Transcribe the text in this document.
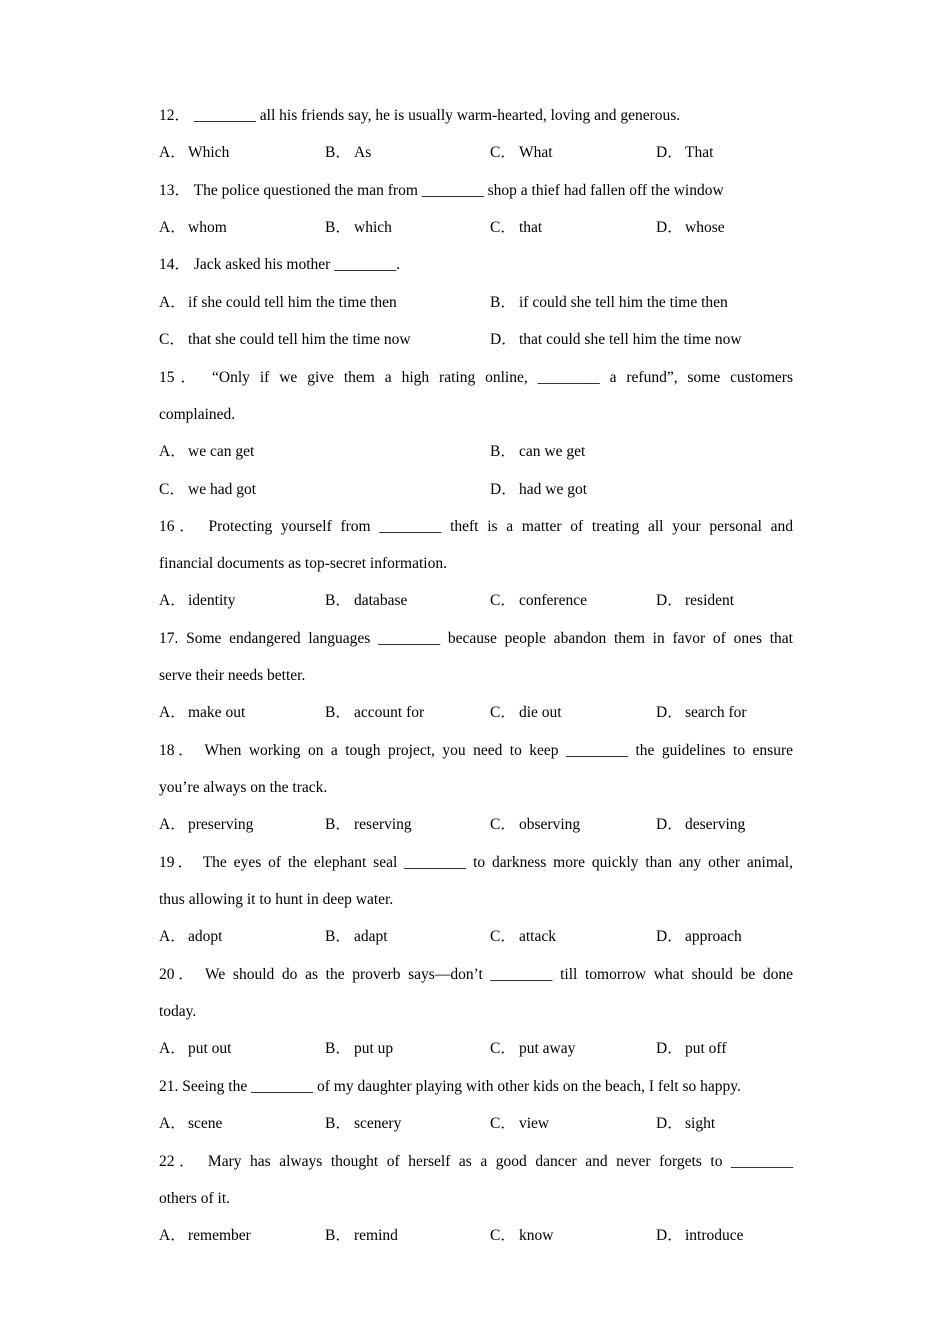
12． ________ all his friends say, he is usually warm-hearted, loving and generous.
A． Which	B． As	C． What	D． That
13． The police questioned the man from ________ shop a thief had fallen off the window
A． whom	B． which	C． that	D． whose
14． Jack asked his mother ________.
A． if she could tell him the time then	B． if could she tell him the time then
C． that she could tell him the time now	D． that could she tell him the time now
15． “Only if we give them a high rating online, ________ a refund”, some customers
complained.
A． we can get	B． can we get
C． we had got	D． had we got
16． Protecting yourself from ________ theft is a matter of treating all your personal and
financial documents as top-secret information.
A． identity	B． database	C． conference	D． resident
17. Some endangered languages ________ because people abandon them in favor of ones that
serve their needs better.
A． make out	B． account for	C． die out	D． search for
18． When working on a tough project, you need to keep ________ the guidelines to ensure
you’re always on the track.
A． preserving	B． reserving	C． observing	D． deserving
19． The eyes of the elephant seal ________ to darkness more quickly than any other animal,
thus allowing it to hunt in deep water.
A． adopt	B． adapt	C． attack	D． approach
20． We should do as the proverb says—don’t ________ till tomorrow what should be done
today.
A． put out	B． put up	C． put away	D． put off
21. Seeing the ________ of my daughter playing with other kids on the beach, I felt so happy.
A． scene	B． scenery	C． view	D． sight
22． Mary has always thought of herself as a good dancer and never forgets to ________
others of it.
A． remember	B． remind	C． know	D． introduce
